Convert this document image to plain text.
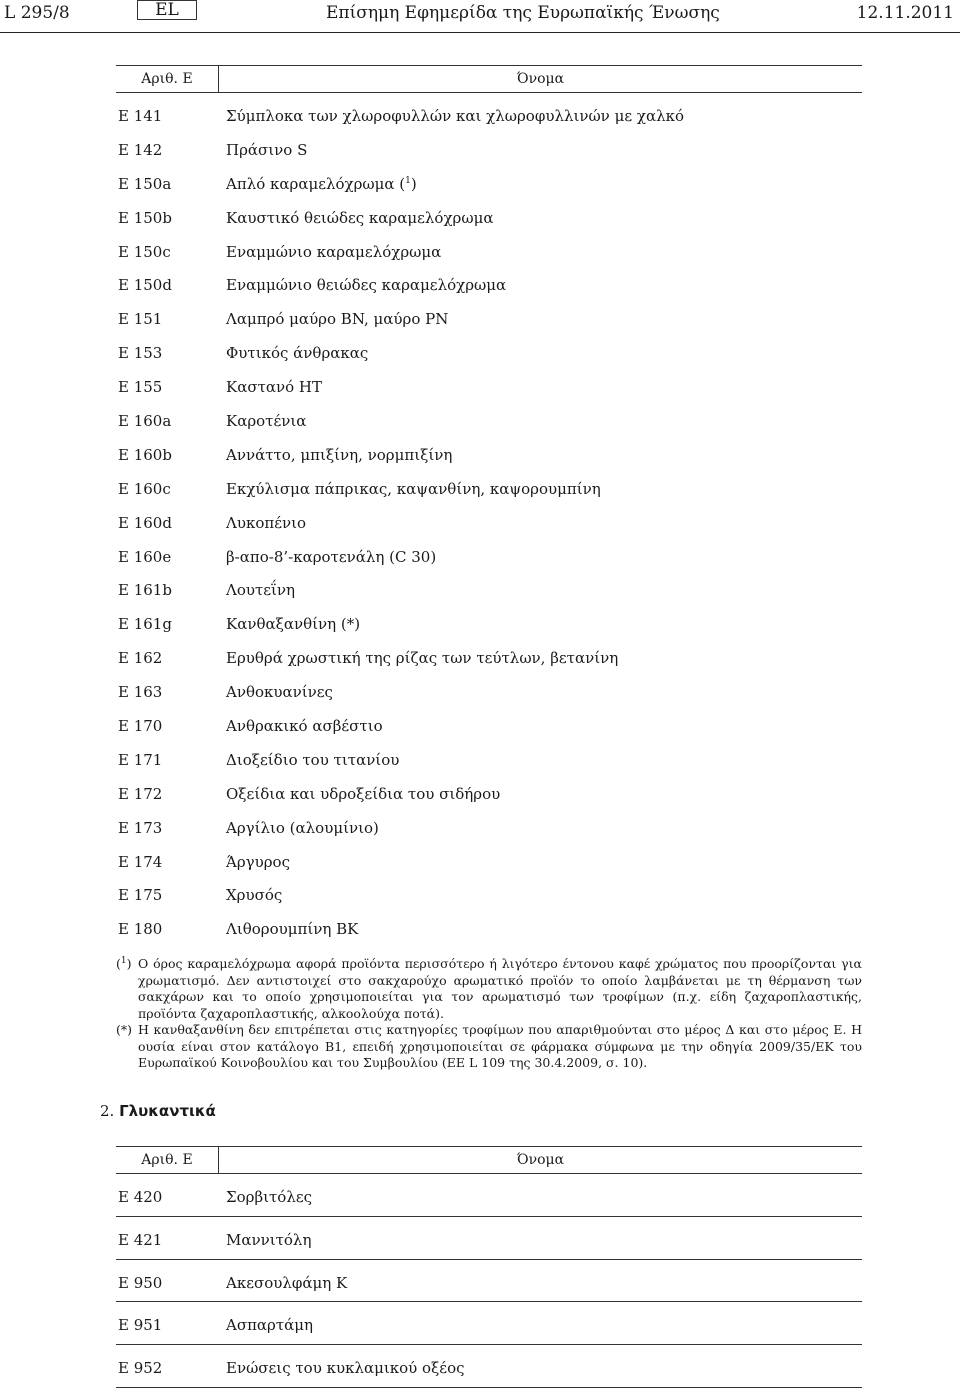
L 295/8	EL	Επίσημη Εφημερίδα της Ευρωπαϊκής Ένωσης	12.11.2011
Αριθ. E	Όνομα
E 141	Σύμπλοκα των χλωροφυλλών και χλωροφυλλινών με χαλκό
E 142	Πράσινο S
E 150a	Απλό καραμελόχρωμα ($^1$)
E 150b	Καυστικό θειώδες καραμελόχρωμα
E 150c	Εναμμώνιο καραμελόχρωμα
E 150d	Εναμμώνιο θειώδες καραμελόχρωμα
E 151	Λαμπρό μαύρο BN, μαύρο PN
E 153	Φυτικός άνθρακας
E 155	Καστανό HT
E 160a	Καροτένια
E 160b	Αννάττο, μπιξίνη, νορμπιξίνη
E 160c	Εκχύλισμα πάπρικας, καψανθίνη, καψορουμπίνη
E 160d	Λυκοπένιο
E 160e	β-απο-8’-καροτενάλη (C 30)
E 161b	Λουτεΐνη
E 161g	Κανθαξανθίνη (*)
E 162	Ερυθρά χρωστική της ρίζας των τεύτλων, βετανίνη
E 163	Ανθοκυανίνες
E 170	Ανθρακικό ασβέστιο
E 171	Διοξείδιο του τιτανίου
E 172	Οξείδια και υδροξείδια του σιδήρου
E 173	Αργίλιο (αλουμίνιο)
E 174	Άργυρος
E 175	Χρυσός
E 180	Λιθορουμπίνη BK
($^1$) Ο όρος καραμελόχρωμα αφορά προϊόντα περισσότερο ή λιγότερο έντονου καφέ χρώματος που προορίζονται για χρωματισμό. Δεν αντιστοιχεί στο σακχαρούχο αρωματικό προϊόν το οποίο λαμβάνεται με τη θέρμανση των σακχάρων και το οποίο χρησιμοποιείται για τον αρωματισμό των τροφίμων (π.χ. είδη ζαχαροπλαστικής, προϊόντα ζαχαροπλαστικής, αλκοολούχα ποτά).
(*) Η κανθαξανθίνη δεν επιτρέπεται στις κατηγορίες τροφίμων που απαριθμούνται στο μέρος Δ και στο μέρος Ε. Η ουσία είναι στον κατάλογο Β1, επειδή χρησιμοποιείται σε φάρμακα σύμφωνα με την οδηγία 2009/35/ΕΚ του Ευρωπαϊκού Κοινοβουλίου και του Συμβουλίου (ΕΕ L 109 της 30.4.2009, σ. 10).
2. Γλυκαντικά
Αριθ. E	Όνομα
E 420	Σορβιτόλες
E 421	Μαννιτόλη
E 950	Ακεσουλφάμη K
E 951	Ασπαρτάμη
E 952	Ενώσεις του κυκλαμικού οξέος
